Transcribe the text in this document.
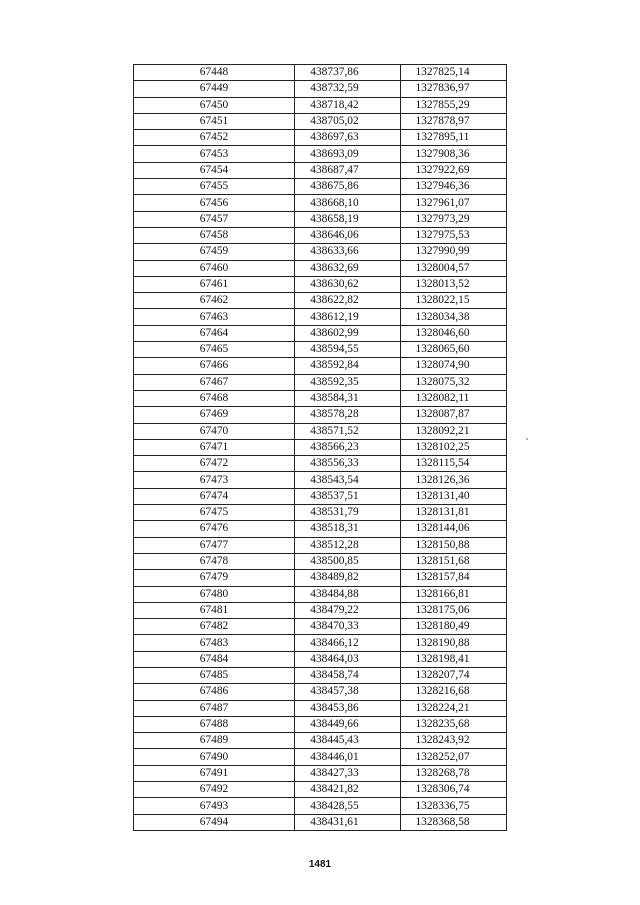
67448	438737,86	1327825,14
67449	438732,59	1327836,97
67450	438718,42	1327855,29
67451	438705,02	1327878,97
67452	438697,63	1327895,11
67453	438693,09	1327908,36
67454	438687,47	1327922,69
67455	438675,86	1327946,36
67456	438668,10	1327961,07
67457	438658,19	1327973,29
67458	438646,06	1327975,53
67459	438633,66	1327990,99
67460	438632,69	1328004,57
67461	438630,62	1328013,52
67462	438622,82	1328022,15
67463	438612,19	1328034,38
67464	438602,99	1328046,60
67465	438594,55	1328065,60
67466	438592,84	1328074,90
67467	438592,35	1328075,32
67468	438584,31	1328082,11
67469	438578,28	1328087,87
67470	438571,52	1328092,21
67471	438566,23	1328102,25
67472	438556,33	1328115,54
67473	438543,54	1328126,36
67474	438537,51	1328131,40
67475	438531,79	1328131,81
67476	438518,31	1328144,06
67477	438512,28	1328150,88
67478	438500,85	1328151,68
67479	438489,82	1328157,84
67480	438484,88	1328166,81
67481	438479,22	1328175,06
67482	438470,33	1328180,49
67483	438466,12	1328190,88
67484	438464,03	1328198,41
67485	438458,74	1328207,74
67486	438457,38	1328216,68
67487	438453,86	1328224,21
67488	438449,66	1328235,68
67489	438445,43	1328243,92
67490	438446,01	1328252,07
67491	438427,33	1328268,78
67492	438421,82	1328306,74
67493	438428,55	1328336,75
67494	438431,61	1328368,58
1481
